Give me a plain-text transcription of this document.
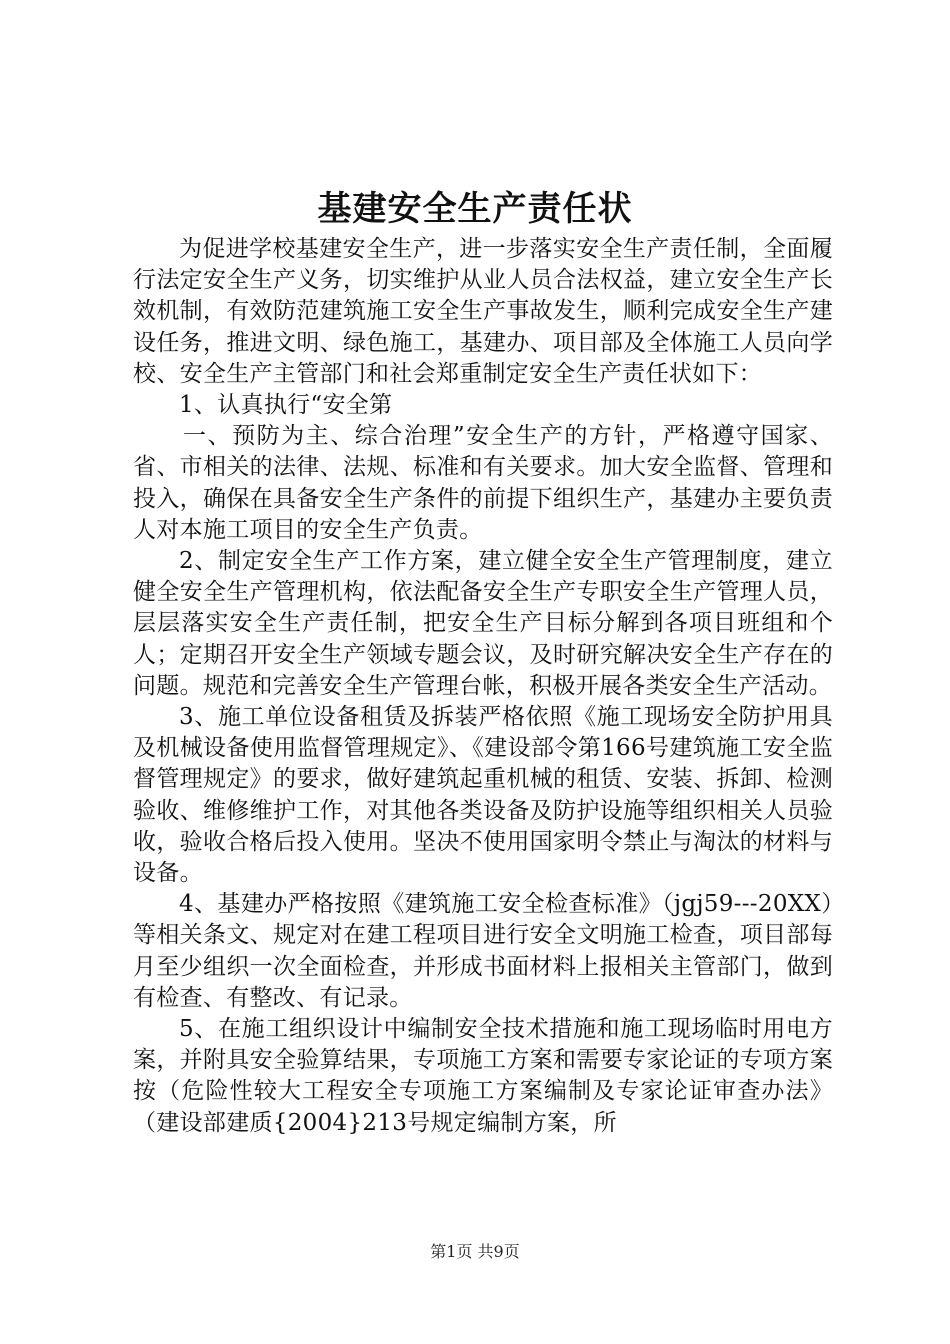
基建安全生产责任状

为促进学校基建安全生产，进一步落实安全生产责任制，全面履行法定安全生产义务，切实维护从业人员合法权益，建立安全生产长效机制，有效防范建筑施工安全生产事故发生，顺利完成安全生产建设任务，推进文明、绿色施工，基建办、项目部及全体施工人员向学校、安全生产主管部门和社会郑重制定安全生产责任状如下：

1、认真执行“安全第

一、预防为主、综合治理”安全生产的方针，严格遵守国家、省、市相关的法律、法规、标准和有关要求。加大安全监督、管理和投入，确保在具备安全生产条件的前提下组织生产，基建办主要负责人对本施工项目的安全生产负责。

2、制定安全生产工作方案，建立健全安全生产管理制度，建立健全安全生产管理机构，依法配备安全生产专职安全生产管理人员，层层落实安全生产责任制，把安全生产目标分解到各项目班组和个人；定期召开安全生产领域专题会议，及时研究解决安全生产存在的问题。规范和完善安全生产管理台帐，积极开展各类安全生产活动。

3、施工单位设备租赁及拆装严格依照《施工现场安全防护用具及机械设备使用监督管理规定》、《建设部令第166号建筑施工安全监督管理规定》的要求，做好建筑起重机械的租赁、安装、拆卸、检测验收、维修维护工作，对其他各类设备及防护设施等组织相关人员验收，验收合格后投入使用。坚决不使用国家明令禁止与淘汰的材料与设备。

4、基建办严格按照《建筑施工安全检查标准》（jgj59---20XX）等相关条文、规定对在建工程项目进行安全文明施工检查，项目部每月至少组织一次全面检查，并形成书面材料上报相关主管部门，做到有检查、有整改、有记录。

5、在施工组织设计中编制安全技术措施和施工现场临时用电方案，并附具安全验算结果，专项施工方案和需要专家论证的专项方案按（危险性较大工程安全专项施工方案编制及专家论证审查办法》（建设部建质{2004}213号规定编制方案，所

第1页 共9页
